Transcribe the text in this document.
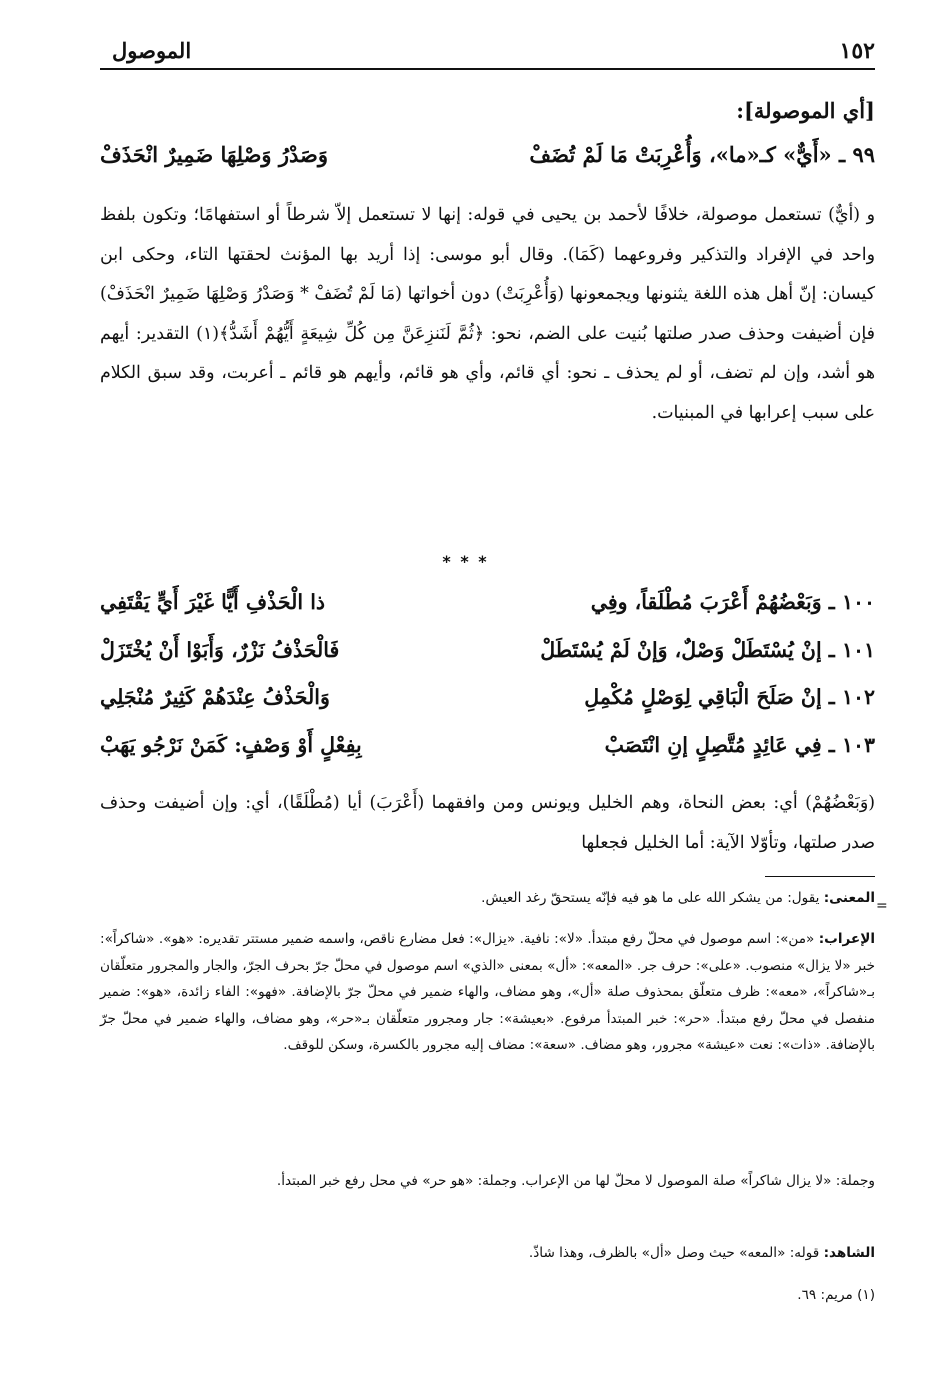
١٥٢
الموصول
[أي الموصولة]:
٩٩ ـ «أَيٌّ» كـ«ما»، وَأُعْرِبَتْ مَا لَمْ تُضَفْ
وَصَدْرُ وَصْلِهَا ضَمِيرٌ انْحَذَفْ

و (أيٌّ) تستعمل موصولة، خلافًا لأحمد بن يحيى في قوله: إنها لا تستعمل إلاّ شرطاً أو استفهامًا؛ وتكون بلفظ واحد في الإفراد والتذكير وفروعهما (كَمَا). وقال أبو موسى: إذا أريد بها المؤنث لحقتها التاء، وحكى ابن كيسان: إنّ أهل هذه اللغة يثنونها ويجمعونها (وَأُعْرِبَتْ) دون أخواتها (مَا لَمْ تُضَفْ * وَصَدْرُ وَصْلِهَا ضَمِيرٌ انْحَذَفْ) فإن أضيفت وحذف صدر صلتها بُنيت على الضم، نحو: ﴿ثُمَّ لَنَنزِعَنَّ مِن كُلِّ شِيعَةٍ أَيُّهُمْ أَشَدُّ﴾(١) التقدير: أيهم هو أشد، وإن لم تضف، أو لم يحذف ـ نحو: أي قائم، وأي هو قائم، وأيهم هو قائم ـ أعربت، وقد سبق الكلام على سبب إعرابها في المبنيات.

* * *
١٠٠ ـ وَبَعْضُهُمْ أَعْرَبَ مُطْلَقاً، وفِي
ذا الْحَذْفِ أَيًّا غَيْرَ أَيٍّ يَقْتَفِي
١٠١ ـ إنْ يُسْتَطَلْ وَصْلٌ، وَإنْ لَمْ يُسْتَطَلْ
فَالْحَذْفُ نَزْرٌ، وَأَبَوْا أَنْ يُخْتَزَلْ
١٠٢ ـ إنْ صَلَحَ الْبَاقِي لِوَصْلٍ مُكْمِلِ
وَالْحَذْفُ عِنْدَهُمْ كَثِيرٌ مُنْجَلِي
١٠٣ ـ فِي عَائِدٍ مُتَّصِلٍ إنِ انْتَصَبْ
بِفِعْلٍ أَوْ وَصْفٍ: كَمَنْ نَرْجُو يَهَبْ

(وَبَعْضُهُمْ) أي: بعض النحاة، وهم الخليل ويونس ومن وافقهما (أَعْرَبَ) أيا (مُطْلَقًا)، أي: وإن أضيفت وحذف صدر صلتها، وتأوّلا الآية: أما الخليل فجعلها

=

المعنى: يقول: من يشكر الله على ما هو فيه فإنّه يستحقّ رغد العيش.

الإعراب: «من»: اسم موصول في محلّ رفع مبتدأ. «لا»: نافية. «يزال»: فعل مضارع ناقص، واسمه ضمير مستتر تقديره: «هو». «شاكراً»: خبر «لا يزال» منصوب. «على»: حرف جر. «المعه»: «أل» بمعنى «الذي» اسم موصول في محلّ جرّ بحرف الجرّ، والجار والمجرور متعلّقان بـ«شاكراً»، «معه»: ظرف متعلّق بمحذوف صلة «أل»، وهو مضاف، والهاء ضمير في محلّ جرّ بالإضافة. «فهو»: الفاء زائدة، «هو»: ضمير منفصل في محلّ رفع مبتدأ. «حر»: خبر المبتدأ مرفوع. «بعيشة»: جار ومجرور متعلّقان بـ«حر»، وهو مضاف، والهاء ضمير في محلّ جرّ بالإضافة. «ذات»: نعت «عيشة» مجرور، وهو مضاف. «سعة»: مضاف إليه مجرور بالكسرة، وسكن للوقف.

وجملة: «لا يزال شاكراً» صلة الموصول لا محلّ لها من الإعراب. وجملة: «هو حر» في محل رفع خبر المبتدأ.

الشاهد: قوله: «المعه» حيث وصل «أل» بالظرف، وهذا شاذّ.

(١) مريم: ٦٩.
